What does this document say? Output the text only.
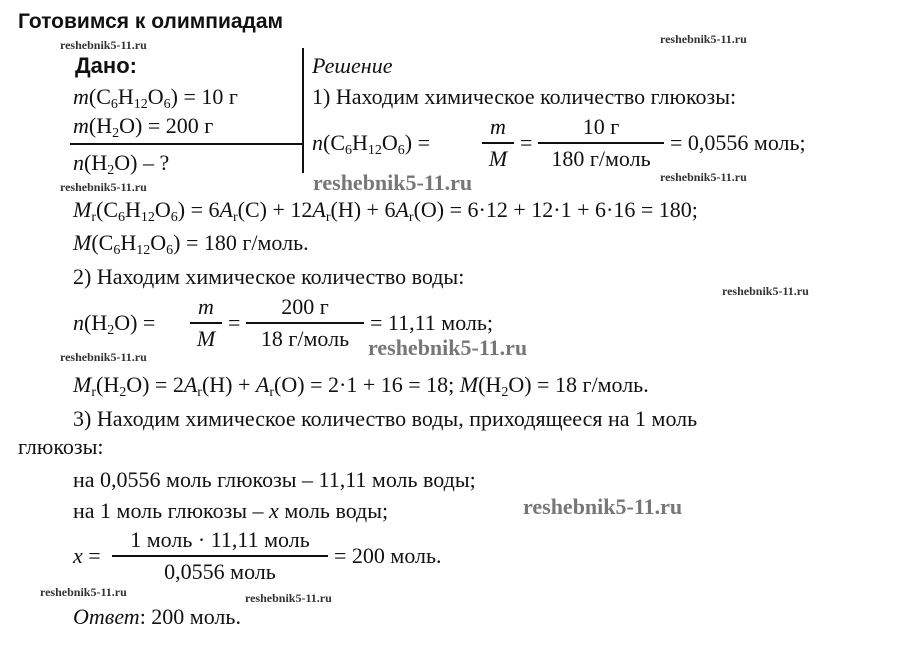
Готовимся к олимпиадам
reshebnik5-11.ru	reshebnik5-11.ru
reshebnik5-11.ru	reshebnik5-11.ru	reshebnik5-11.ru
reshebnik5-11.ru
reshebnik5-11.ru	reshebnik5-11.ru
reshebnik5-11.ru
reshebnik5-11.ru	reshebnik5-11.ru
Дано:
$m(C_6H_{12}O_6) = 10$ г
$m(H_2O) = 200$ г
$n(H_2O)$ – ?
Решение
1) Находим химическое количество глюкозы:
$n(C_6H_{12}O_6)$ =
m
M
=
10 г
180 г/моль
= 0,0556 моль;
$M_r(C_6H_{12}O_6) = 6A_r(C) + 12A_r(H) + 6A_r(O) = 6\cdot 12 + 12\cdot 1 + 6\cdot 16 = 180$;
$M(C_6H_{12}O_6) = 180$ г/моль.
2) Находим химическое количество воды:
$n(H_2O)$ =
m
M
=
200 г
18 г/моль
= 11,11 моль;
$M_r(H_2O) = 2A_r(H) + A_r(O) = 2\cdot 1 + 16 = 18$; $M(H_2O) = 18$ г/моль.
3) Находим химическое количество воды, приходящееся на 1 моль
глюкозы:
на 0,0556 моль глюкозы – 11,11 моль воды;
на 1 моль глюкозы – x моль воды;
x =
1 моль · 11,11 моль
0,0556 моль
= 200 моль.
Ответ: 200 моль.
